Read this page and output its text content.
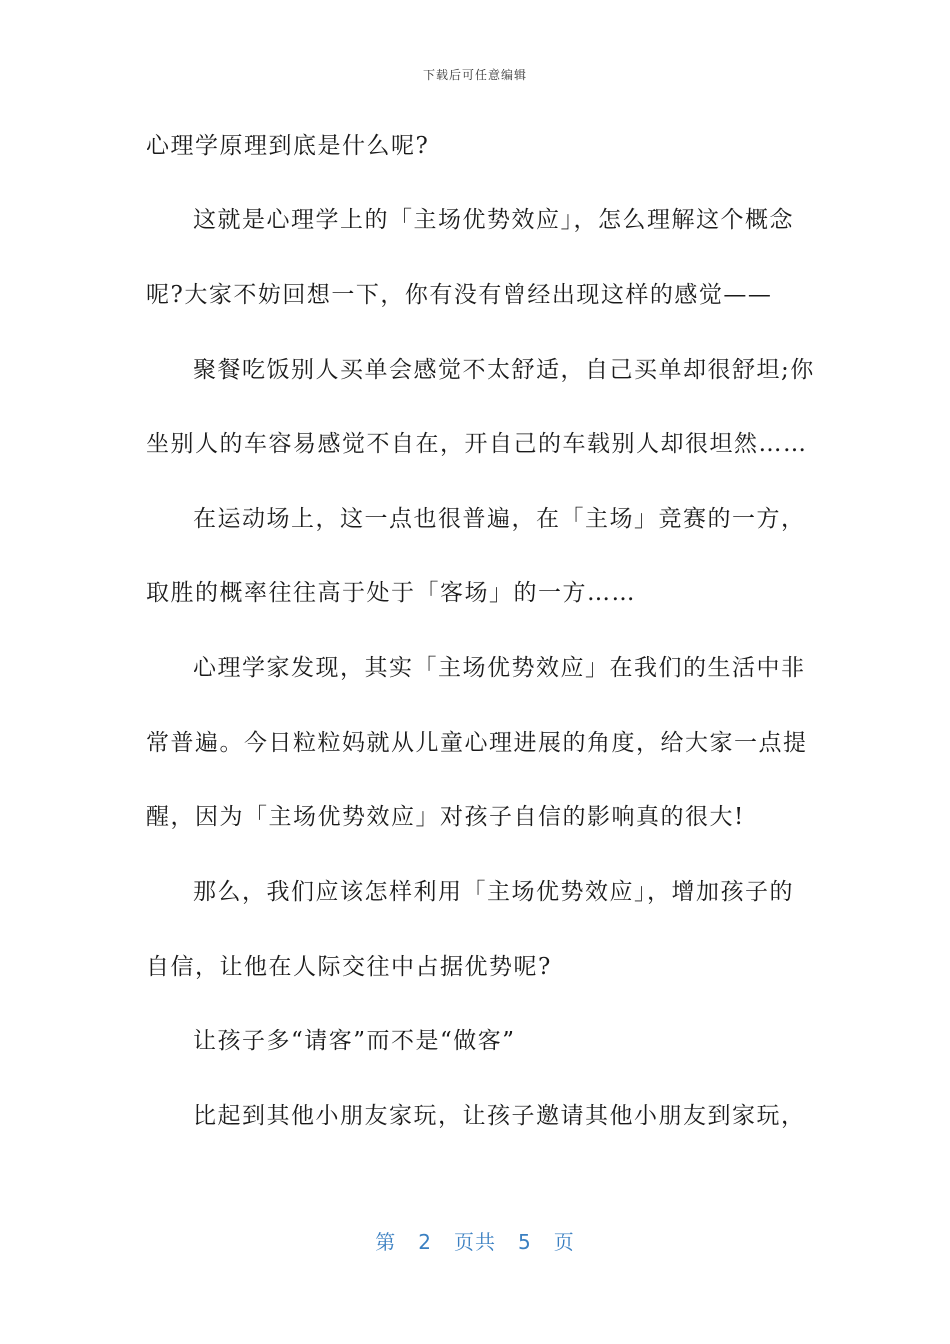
下载后可任意编辑
心理学原理到底是什么呢?
这就是心理学上的「主场优势效应」，怎么理解这个概念
呢?大家不妨回想一下，你有没有曾经出现这样的感觉——
聚餐吃饭别人买单会感觉不太舒适，自己买单却很舒坦;你
坐别人的车容易感觉不自在，开自己的车载别人却很坦然……
在运动场上，这一点也很普遍，在「主场」竞赛的一方，
取胜的概率往往高于处于「客场」的一方……
心理学家发现，其实「主场优势效应」在我们的生活中非
常普遍。今日粒粒妈就从儿童心理进展的角度，给大家一点提
醒，因为「主场优势效应」对孩子自信的影响真的很大!
那么，我们应该怎样利用「主场优势效应」，增加孩子的
自信，让他在人际交往中占据优势呢?
让孩子多“请客”而不是“做客”
比起到其他小朋友家玩，让孩子邀请其他小朋友到家玩，
第 2 页共 5 页
